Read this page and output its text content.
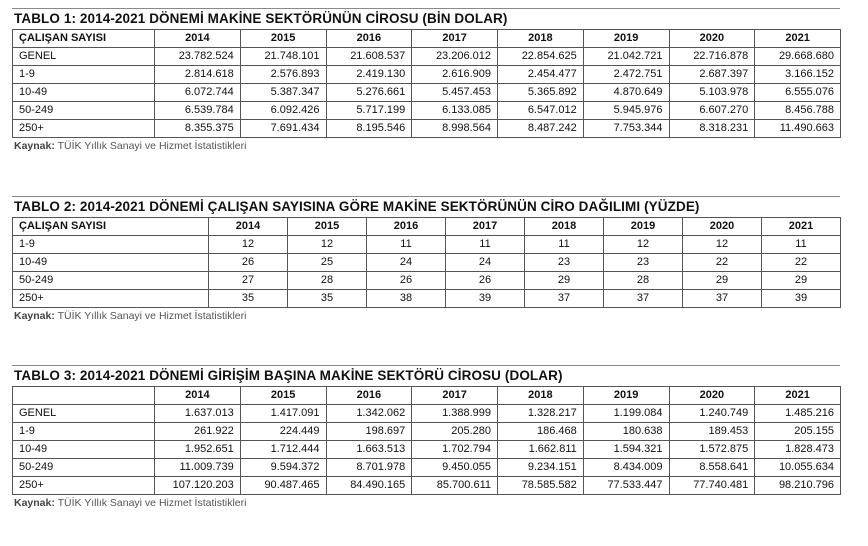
TABLO 1: 2014-2021 DÖNEMİ MAKİNE SEKTÖRÜNÜN CİROSU (BİN DOLAR)
ÇALIŞAN SAYISI	2014	2015	2016	2017	2018	2019	2020	2021
GENEL	23.782.524	21.748.101	21.608.537	23.206.012	22.854.625	21.042.721	22.716.878	29.668.680
1-9	2.814.618	2.576.893	2.419.130	2.616.909	2.454.477	2.472.751	2.687.397	3.166.152
10-49	6.072.744	5.387.347	5.276.661	5.457.453	5.365.892	4.870.649	5.103.978	6.555.076
50-249	6.539.784	6.092.426	5.717.199	6.133.085	6.547.012	5.945.976	6.607.270	8.456.788
250+	8.355.375	7.691.434	8.195.546	8.998.564	8.487.242	7.753.344	8.318.231	11.490.663
Kaynak: TÜİK Yıllık Sanayi ve Hizmet İstatistikleri
TABLO 2: 2014-2021 DÖNEMİ ÇALIŞAN SAYISINA GÖRE MAKİNE SEKTÖRÜNÜN CİRO DAĞILIMI (YÜZDE)
ÇALIŞAN SAYISI	2014	2015	2016	2017	2018	2019	2020	2021
1-9	12	12	11	11	11	12	12	11
10-49	26	25	24	24	23	23	22	22
50-249	27	28	26	26	29	28	29	29
250+	35	35	38	39	37	37	37	39
Kaynak: TÜİK Yıllık Sanayi ve Hizmet İstatistikleri
TABLO 3: 2014-2021 DÖNEMİ GİRİŞİM BAŞINA MAKİNE SEKTÖRÜ CİROSU (DOLAR)
	2014	2015	2016	2017	2018	2019	2020	2021
GENEL	1.637.013	1.417.091	1.342.062	1.388.999	1.328.217	1.199.084	1.240.749	1.485.216
1-9	261.922	224.449	198.697	205.280	186.468	180.638	189.453	205.155
10-49	1.952.651	1.712.444	1.663.513	1.702.794	1.662.811	1.594.321	1.572.875	1.828.473
50-249	11.009.739	9.594.372	8.701.978	9.450.055	9.234.151	8.434.009	8.558.641	10.055.634
250+	107.120.203	90.487.465	84.490.165	85.700.611	78.585.582	77.533.447	77.740.481	98.210.796
Kaynak: TÜİK Yıllık Sanayi ve Hizmet İstatistikleri
